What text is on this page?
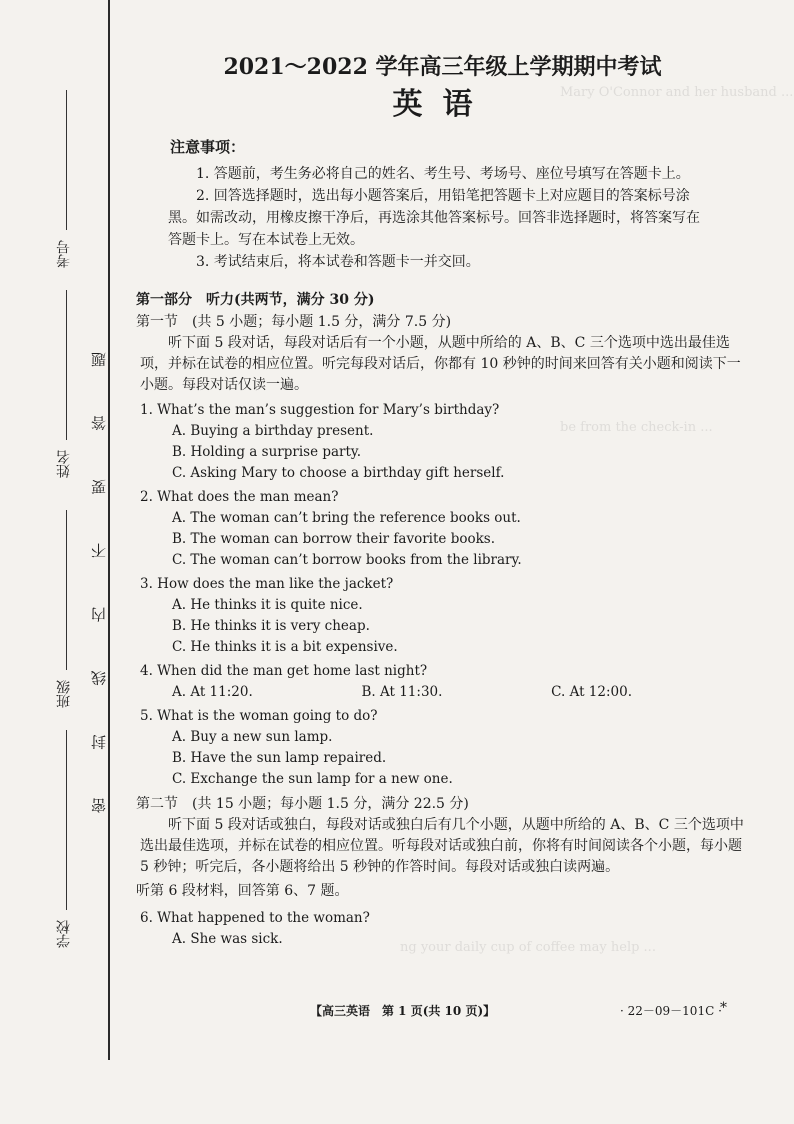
考号
姓名
班级
学校
密 封 线 内 不 要 答 题
Mary O'Connor and her husband ...
be from the check-in ...
ng your daily cup of coffee may help ...
2021～2022 学年高三年级上学期期中考试
英语
注意事项：

1. 答题前，考生务必将自己的姓名、考生号、考场号、座位号填写在答题卡上。

2. 回答选择题时，选出每小题答案后，用铅笔把答题卡上对应题目的答案标号涂

黑。如需改动，用橡皮擦干净后，再选涂其他答案标号。回答非选择题时，将答案写在

答题卡上。写在本试卷上无效。

3. 考试结束后，将本试卷和答题卡一并交回。

第一部分　听力(共两节，满分 30 分)
第一节　(共 5 小题；每小题 1.5 分，满分 7.5 分)
听下面 5 段对话，每段对话后有一个小题，从题中所给的 A、B、C 三个选项中选出最佳选项，并标在试卷的相应位置。听完每段对话后，你都有 10 秒钟的时间来回答有关小题和阅读下一小题。每段对话仅读一遍。
1. What’s the man’s suggestion for Mary’s birthday?
A. Buying a birthday present.
B. Holding a surprise party.
C. Asking Mary to choose a birthday gift herself.
2. What does the man mean?
A. The woman can’t bring the reference books out.
B. The woman can borrow their favorite books.
C. The woman can’t borrow books from the library.
3. How does the man like the jacket?
A. He thinks it is quite nice.
B. He thinks it is very cheap.
C. He thinks it is a bit expensive.
4. When did the man get home last night?
A. At 11:20.	B. At 11:30.	C. At 12:00.
5. What is the woman going to do?
A. Buy a new sun lamp.
B. Have the sun lamp repaired.
C. Exchange the sun lamp for a new one.
第二节　(共 15 小题；每小题 1.5 分，满分 22.5 分)
听下面 5 段对话或独白，每段对话或独白后有几个小题，从题中所给的 A、B、C 三个选项中选出最佳选项，并标在试卷的相应位置。听每段对话或独白前，你将有时间阅读各个小题，每小题 5 秒钟；听完后，各小题将给出 5 秒钟的作答时间。每段对话或独白读两遍。
听第 6 段材料，回答第 6、7 题。
6. What happened to the woman?
A. She was sick.
【高三英语　第 1 页(共 10 页)】	· 22－09－101C ·
*
